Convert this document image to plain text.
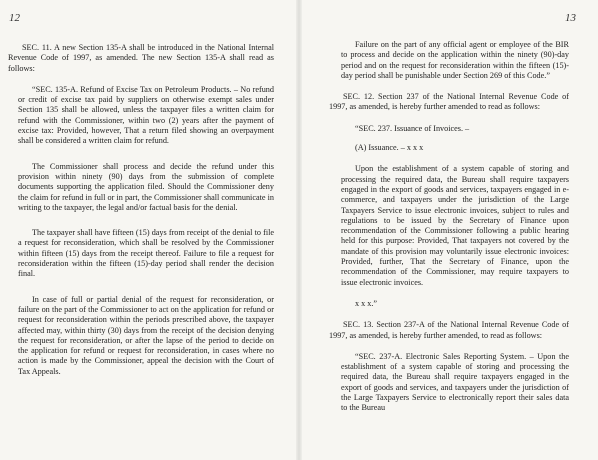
12

SEC. 11. A new Section 135-A shall be introduced in the National Internal Revenue Code of 1997, as amended. The new Section 135-A shall read as follows:

“SEC. 135-A. Refund of Excise Tax on Petroleum Products. – No refund or credit of excise tax paid by suppliers on otherwise exempt sales under Section 135 shall be allowed, unless the taxpayer files a written claim for refund with the Commissioner, within two (2) years after the payment of excise tax: Provided, however, That a return filed showing an overpayment shall be considered a written claim for refund.

The Commissioner shall process and decide the refund under this provision within ninety (90) days from the submission of complete documents supporting the application filed. Should the Commissioner deny the claim for refund in full or in part, the Commissioner shall communicate in writing to the taxpayer, the legal and/or factual basis for the denial.

The taxpayer shall have fifteen (15) days from receipt of the denial to file a request for reconsideration, which shall be resolved by the Commissioner within fifteen (15) days from the receipt thereof. Failure to file a request for reconsideration within the fifteen (15)-day period shall render the decision final.

In case of full or partial denial of the request for reconsideration, or failure on the part of the Commissioner to act on the application for refund or request for reconsideration within the periods prescribed above, the taxpayer affected may, within thirty (30) days from the receipt of the decision denying the request for reconsideration, or after the lapse of the period to decide on the application for refund or request for reconsideration, in cases where no action is made by the Commissioner, appeal the decision with the Court of Tax Appeals.

13

Failure on the part of any official agent or employee of the BIR to process and decide on the application within the ninety (90)-day period and on the request for reconsideration within the fifteen (15)-day period shall be punishable under Section 269 of this Code.”

SEC. 12. Section 237 of the National Internal Revenue Code of 1997, as amended, is hereby further amended to read as follows:

“SEC. 237. Issuance of Invoices. –

(A) Issuance. – x x x

Upon the establishment of a system capable of storing and processing the required data, the Bureau shall require taxpayers engaged in the export of goods and services, taxpayers engaged in e-commerce, and taxpayers under the jurisdiction of the Large Taxpayers Service to issue electronic invoices, subject to rules and regulations to be issued by the Secretary of Finance upon recommendation of the Commissioner following a public hearing held for this purpose: Provided, That taxpayers not covered by the mandate of this provision may voluntarily issue electronic invoices: Provided, further, That the Secretary of Finance, upon the recommendation of the Commissioner, may require taxpayers to issue electronic invoices.

x x x.”

SEC. 13. Section 237-A of the National Internal Revenue Code of 1997, as amended, is hereby further amended, to read as follows:

“SEC. 237-A. Electronic Sales Reporting System. – Upon the establishment of a system capable of storing and processing the required data, the Bureau shall require taxpayers engaged in the export of goods and services, and taxpayers under the jurisdiction of the Large Taxpayers Service to electronically report their sales data to the Bureau
